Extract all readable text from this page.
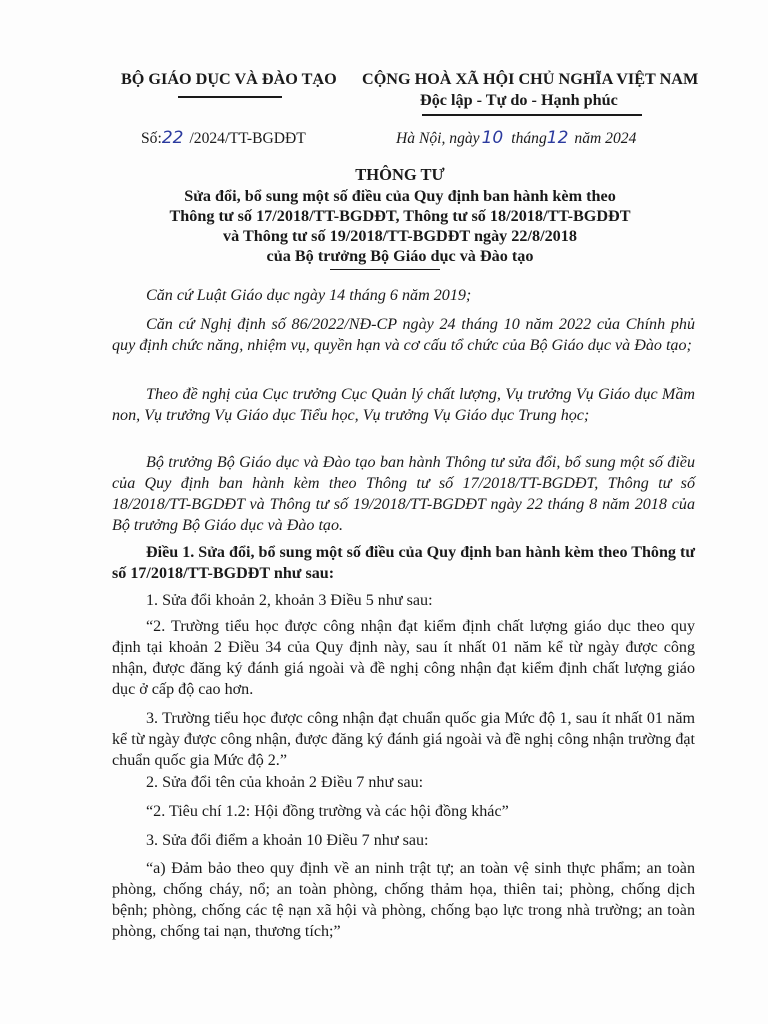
BỘ GIÁO DỤC VÀ ĐÀO TẠO CỘNG HOÀ XÃ HỘI CHỦ NGHĨA VIỆT NAM
Độc lập - Tự do - Hạnh phúc
Số:22 /2024/TT-BGDĐT	Hà Nội, ngày 10 tháng12 năm 2024
THÔNG TƯ
Sửa đổi, bổ sung một số điều của Quy định ban hành kèm theo
Thông tư số 17/2018/TT-BGDĐT, Thông tư số 18/2018/TT-BGDĐT
và Thông tư số 19/2018/TT-BGDĐT ngày 22/8/2018
của Bộ trưởng Bộ Giáo dục và Đào tạo
Căn cứ Luật Giáo dục ngày 14 tháng 6 năm 2019;
Căn cứ Nghị định số 86/2022/NĐ-CP ngày 24 tháng 10 năm 2022 của Chính phủ quy định chức năng, nhiệm vụ, quyền hạn và cơ cấu tổ chức của Bộ Giáo dục và Đào tạo;
Theo đề nghị của Cục trưởng Cục Quản lý chất lượng, Vụ trưởng Vụ Giáo dục Mầm non, Vụ trưởng Vụ Giáo dục Tiểu học, Vụ trưởng Vụ Giáo dục Trung học;
Bộ trưởng Bộ Giáo dục và Đào tạo ban hành Thông tư sửa đổi, bổ sung một số điều của Quy định ban hành kèm theo Thông tư số 17/2018/TT-BGDĐT, Thông tư số 18/2018/TT-BGDĐT và Thông tư số 19/2018/TT-BGDĐT ngày 22 tháng 8 năm 2018 của Bộ trưởng Bộ Giáo dục và Đào tạo.
Điều 1. Sửa đổi, bổ sung một số điều của Quy định ban hành kèm theo Thông tư số 17/2018/TT-BGDĐT như sau:
1. Sửa đổi khoản 2, khoản 3 Điều 5 như sau:
“2. Trường tiểu học được công nhận đạt kiểm định chất lượng giáo dục theo quy định tại khoản 2 Điều 34 của Quy định này, sau ít nhất 01 năm kể từ ngày được công nhận, được đăng ký đánh giá ngoài và đề nghị công nhận đạt kiểm định chất lượng giáo dục ở cấp độ cao hơn.
3. Trường tiểu học được công nhận đạt chuẩn quốc gia Mức độ 1, sau ít nhất 01 năm kể từ ngày được công nhận, được đăng ký đánh giá ngoài và đề nghị công nhận trường đạt chuẩn quốc gia Mức độ 2.”
2. Sửa đổi tên của khoản 2 Điều 7 như sau:
“2. Tiêu chí 1.2: Hội đồng trường và các hội đồng khác”
3. Sửa đổi điểm a khoản 10 Điều 7 như sau:
“a) Đảm bảo theo quy định về an ninh trật tự; an toàn vệ sinh thực phẩm; an toàn phòng, chống cháy, nổ; an toàn phòng, chống thảm họa, thiên tai; phòng, chống dịch bệnh; phòng, chống các tệ nạn xã hội và phòng, chống bạo lực trong nhà trường; an toàn phòng, chống tai nạn, thương tích;”
